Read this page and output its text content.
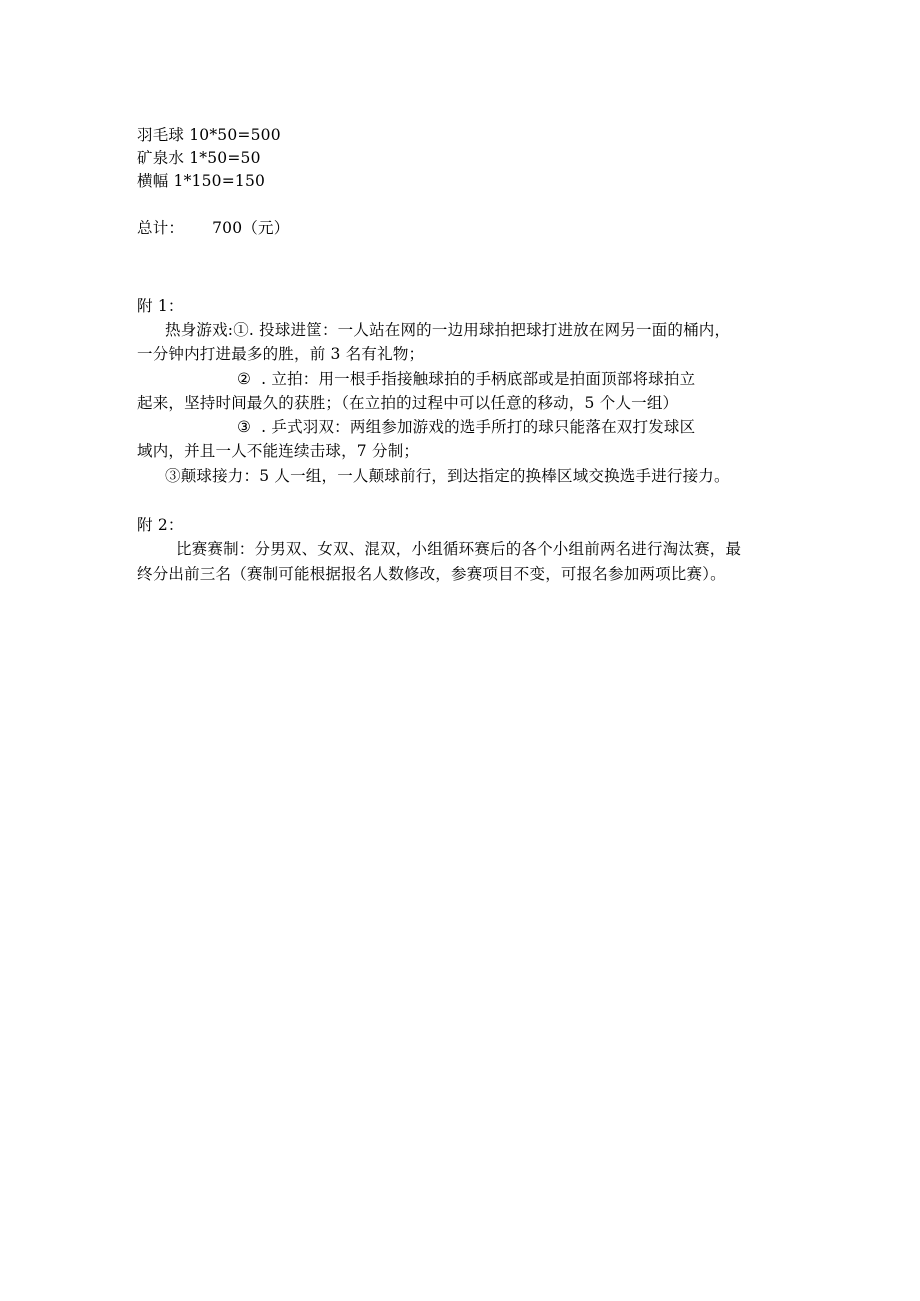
羽毛球 10*50=500
矿泉水 1*50=50
横幅 1*150=150
总计： 700（元）
附 1：
热身游戏:①. 投球进筐：一人站在网的一边用球拍把球打进放在网另一面的桶内，
一分钟内打进最多的胜，前 3 名有礼物；
② . 立拍：用一根手指接触球拍的手柄底部或是拍面顶部将球拍立
起来，坚持时间最久的获胜；（在立拍的过程中可以任意的移动，5 个人一组）
③ . 乒式羽双：两组参加游戏的选手所打的球只能落在双打发球区
域内，并且一人不能连续击球，7 分制；
③颠球接力：5 人一组，一人颠球前行，到达指定的换棒区域交换选手进行接力。
附 2：
比赛赛制：分男双、女双、混双，小组循环赛后的各个小组前两名进行淘汰赛，最
终分出前三名（赛制可能根据报名人数修改，参赛项目不变，可报名参加两项比赛）。
